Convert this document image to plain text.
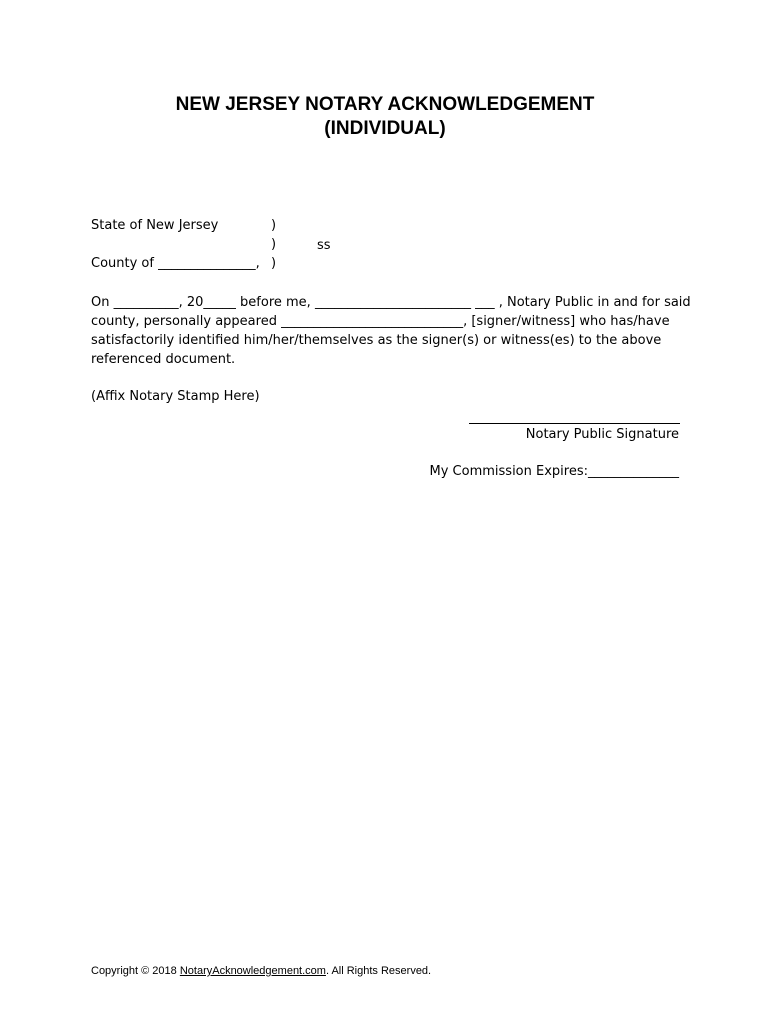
NEW JERSEY NOTARY ACKNOWLEDGEMENT
(INDIVIDUAL)
State of New Jersey	)
)	ss
County of _______________, )
On __________, 20_____ before me, ________________________ ___ , Notary Public in and for said
county, personally appeared ____________________________, [signer/witness] who has/have
satisfactorily identified him/her/themselves as the signer(s) or witness(es) to the above
referenced document.
(Affix Notary Stamp Here)
Notary Public Signature
My Commission Expires:______________
Copyright © 2018 NotaryAcknowledgement.com. All Rights Reserved.
